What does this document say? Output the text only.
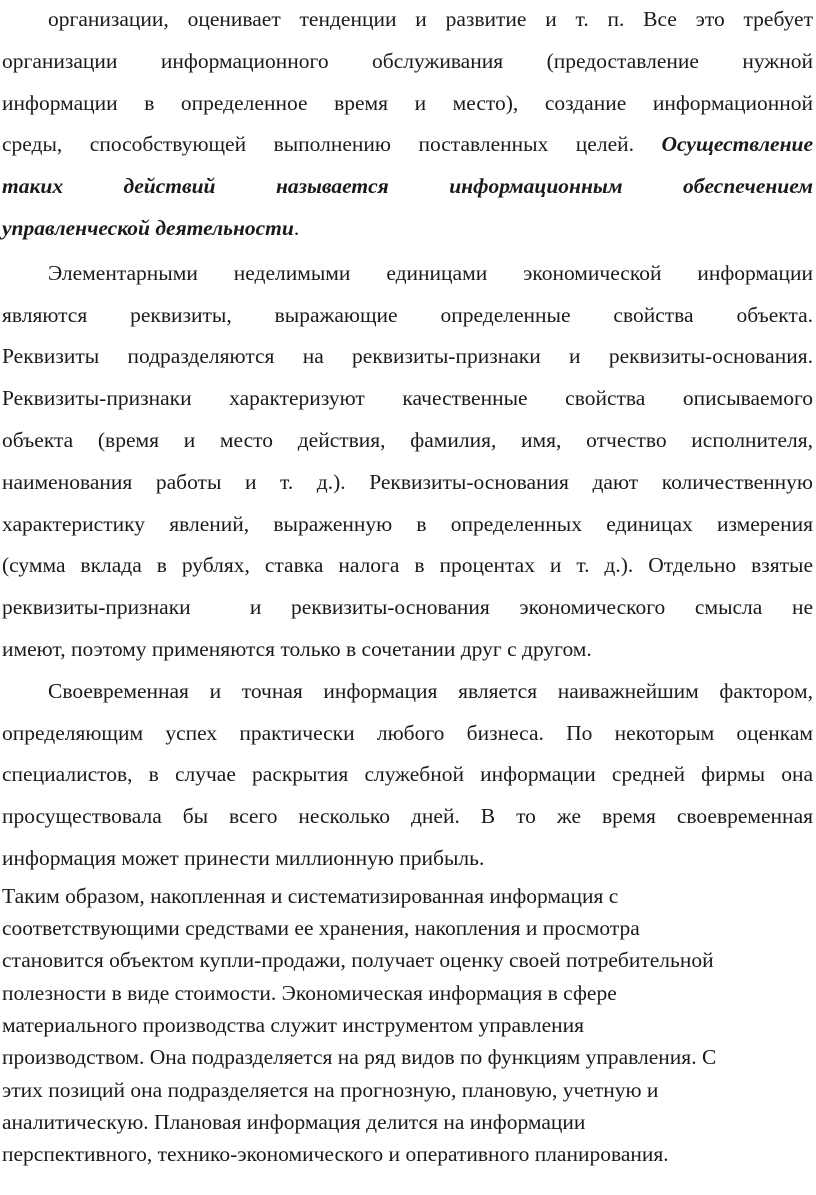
организации, оценивает тенденции и развитие и т. п. Все это требует

организации информационного обслуживания (предоставление нужной

информации в определенное время и место), создание информационной

среды, способствующей выполнению поставленных целей. Осуществление

таких действий называется информационным обеспечением

управленческой деятельности.

Элементарными неделимыми единицами экономической информации

являются реквизиты, выражающие определенные свойства объекта.

Реквизиты подразделяются на реквизиты-признаки и реквизиты-основания.

Реквизиты-признаки характеризуют качественные свойства описываемого

объекта (время и место действия, фамилия, имя, отчество исполнителя,

наименования работы и т. д.). Реквизиты-основания дают количественную

характеристику явлений, выраженную в определенных единицах измерения

(сумма вклада в рублях, ставка налога в процентах и т. д.). Отдельно взятые

реквизиты-признаки  и реквизиты-основания экономического смысла не

имеют, поэтому применяются только в сочетании друг с другом.

Своевременная и точная информация является наиважнейшим фактором,

определяющим успех практически любого бизнеса. По некоторым оценкам

специалистов, в случае раскрытия служебной информации средней фирмы она

просуществовала бы всего несколько дней. В то же время своевременная

информация может принести миллионную прибыль.

Таким образом, накопленная и систематизированная информация с

соответствующими средствами ее хранения, накопления и просмотра

становится объектом купли-продажи, получает оценку своей потребительной

полезности в виде стоимости. Экономическая информация в сфере

материального производства служит инструментом управления

производством. Она подразделяется на ряд видов по функциям управления. С

этих позиций она подразделяется на прогнозную, плановую, учетную и

аналитическую. Плановая информация делится на информации

перспективного, технико-экономического и оперативного планирования.
